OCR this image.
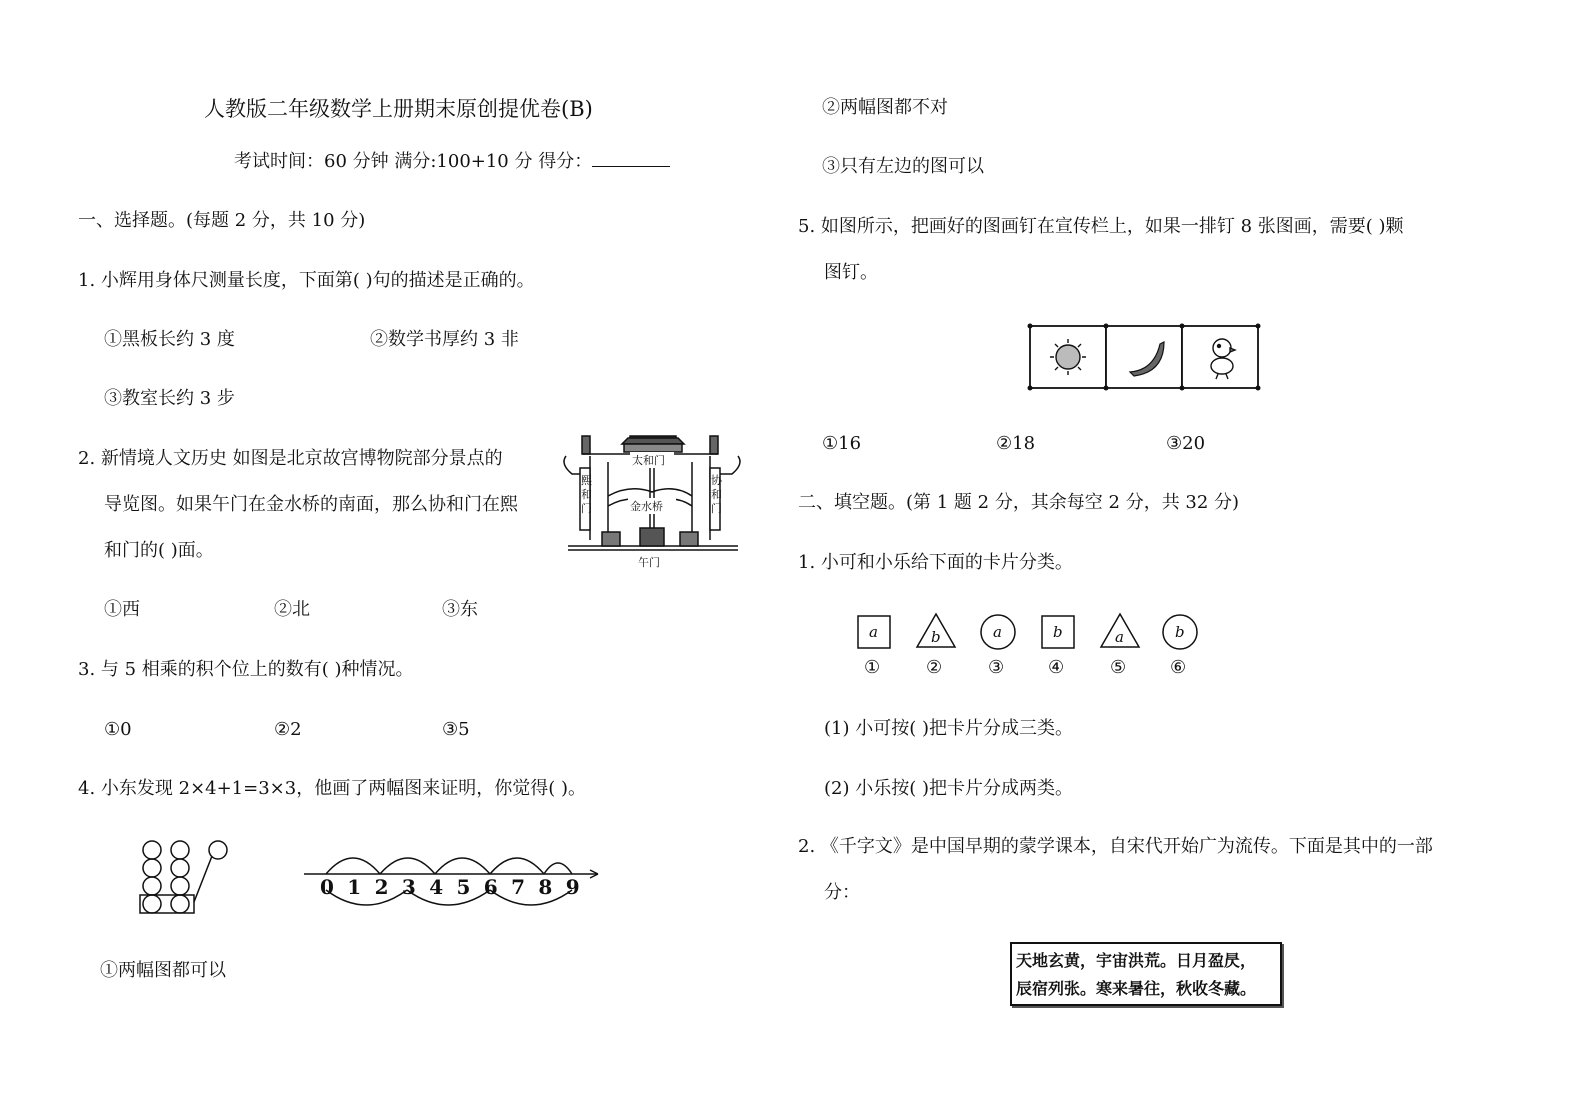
人教版二年级数学上册期末原创提优卷(B)
考试时间：60 分钟 满分:100+10 分 得分：
一、选择题。(每题 2 分，共 10 分)
1. 小辉用身体尺测量长度，下面第( )句的描述是正确的。
①黑板长约 3 度	②数学书厚约 3 非
③教室长约 3 步
2. 新情境人文历史 如图是北京故宫博物院部分景点的
导览图。如果午门在金水桥的南面，那么协和门在熙
和门的( )面。
太和门
熙
和
门
协
和
门
金水桥
午门
①西	②北	③东
3. 与 5 相乘的积个位上的数有( )种情况。
①0	②2	③5
4. 小东发现 2×4+1=3×3，他画了两幅图来证明，你觉得( )。
0 1 2 3 4 5 6 7 8 9
①两幅图都可以
②两幅图都不对
③只有左边的图可以
5. 如图所示，把画好的图画钉在宣传栏上，如果一排钉 8 张图画，需要( )颗
图钉。
①16	②18	③20
二、填空题。(第 1 题 2 分，其余每空 2 分，共 32 分)
1. 小可和小乐给下面的卡片分类。
a
①
b
②
a
③
b
④
a
⑤
b
⑥
(1) 小可按( )把卡片分成三类。
(2) 小乐按( )把卡片分成两类。
2. 《千字文》是中国早期的蒙学课本，自宋代开始广为流传。下面是其中的一部
分：
天地玄黄，宇宙洪荒。日月盈昃，
辰宿列张。寒来暑往，秋收冬藏。
